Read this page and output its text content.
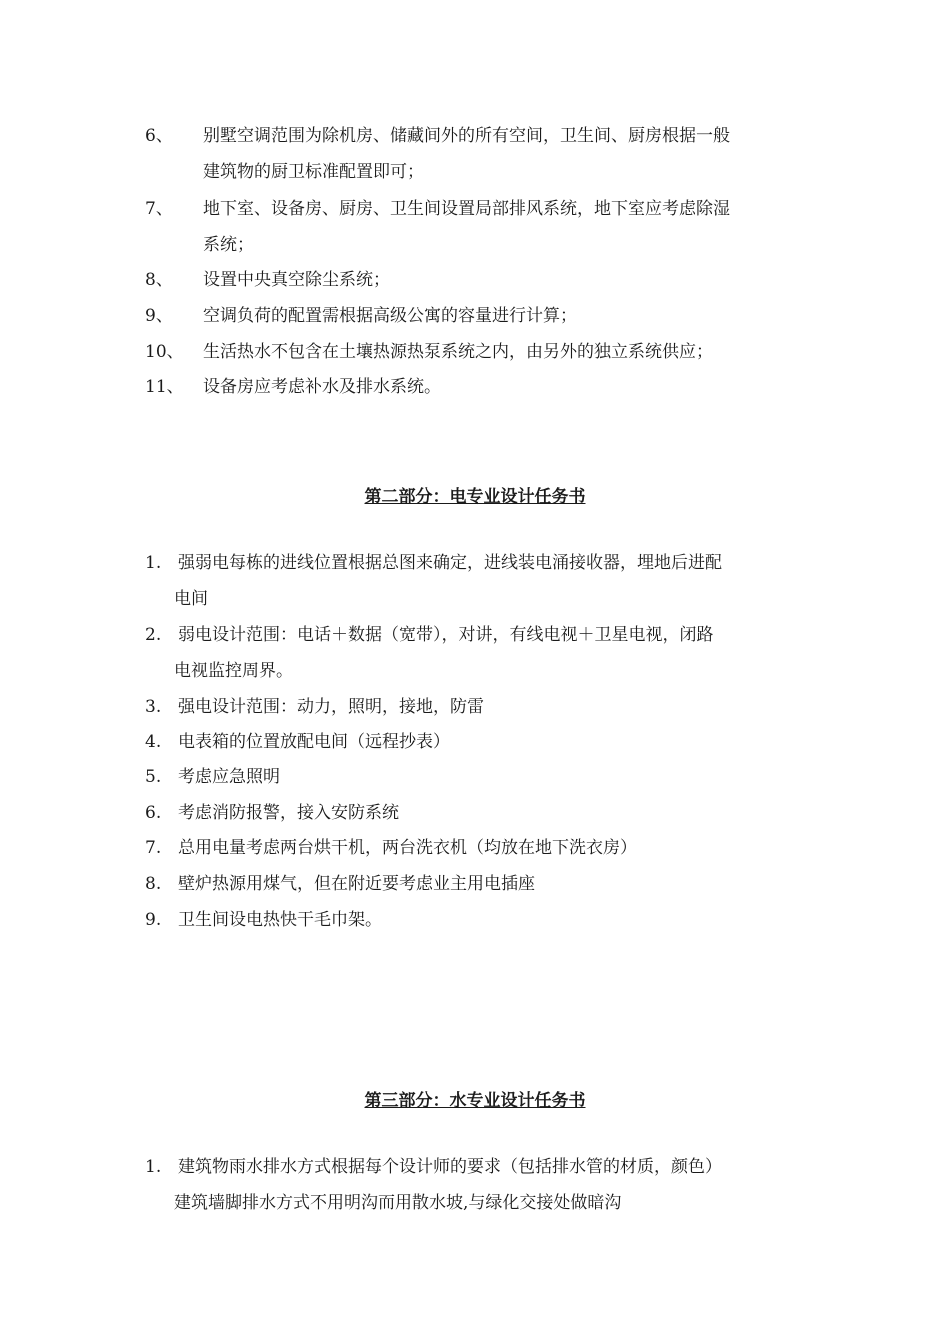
6、 别墅空调范围为除机房、储藏间外的所有空间，卫生间、厨房根据一般
建筑物的厨卫标准配置即可；
7、 地下室、设备房、厨房、卫生间设置局部排风系统，地下室应考虑除湿
系统；
8、 设置中央真空除尘系统；
9、 空调负荷的配置需根据高级公寓的容量进行计算；
10、 生活热水不包含在土壤热源热泵系统之内，由另外的独立系统供应；
11、 设备房应考虑补水及排水系统。
第二部分：电专业设计任务书
1. 强弱电每栋的进线位置根据总图来确定，进线装电涌接收器，埋地后进配
电间
2. 弱电设计范围：电话＋数据（宽带），对讲，有线电视＋卫星电视，闭路
电视监控周界。
3. 强电设计范围：动力，照明，接地，防雷
4. 电表箱的位置放配电间（远程抄表）
5. 考虑应急照明
6. 考虑消防报警，接入安防系统
7. 总用电量考虑两台烘干机，两台洗衣机（均放在地下洗衣房）
8. 壁炉热源用煤气，但在附近要考虑业主用电插座
9. 卫生间设电热快干毛巾架。
第三部分：水专业设计任务书
1. 建筑物雨水排水方式根据每个设计师的要求（包括排水管的材质，颜色）
建筑墙脚排水方式不用明沟而用散水坡,与绿化交接处做暗沟
